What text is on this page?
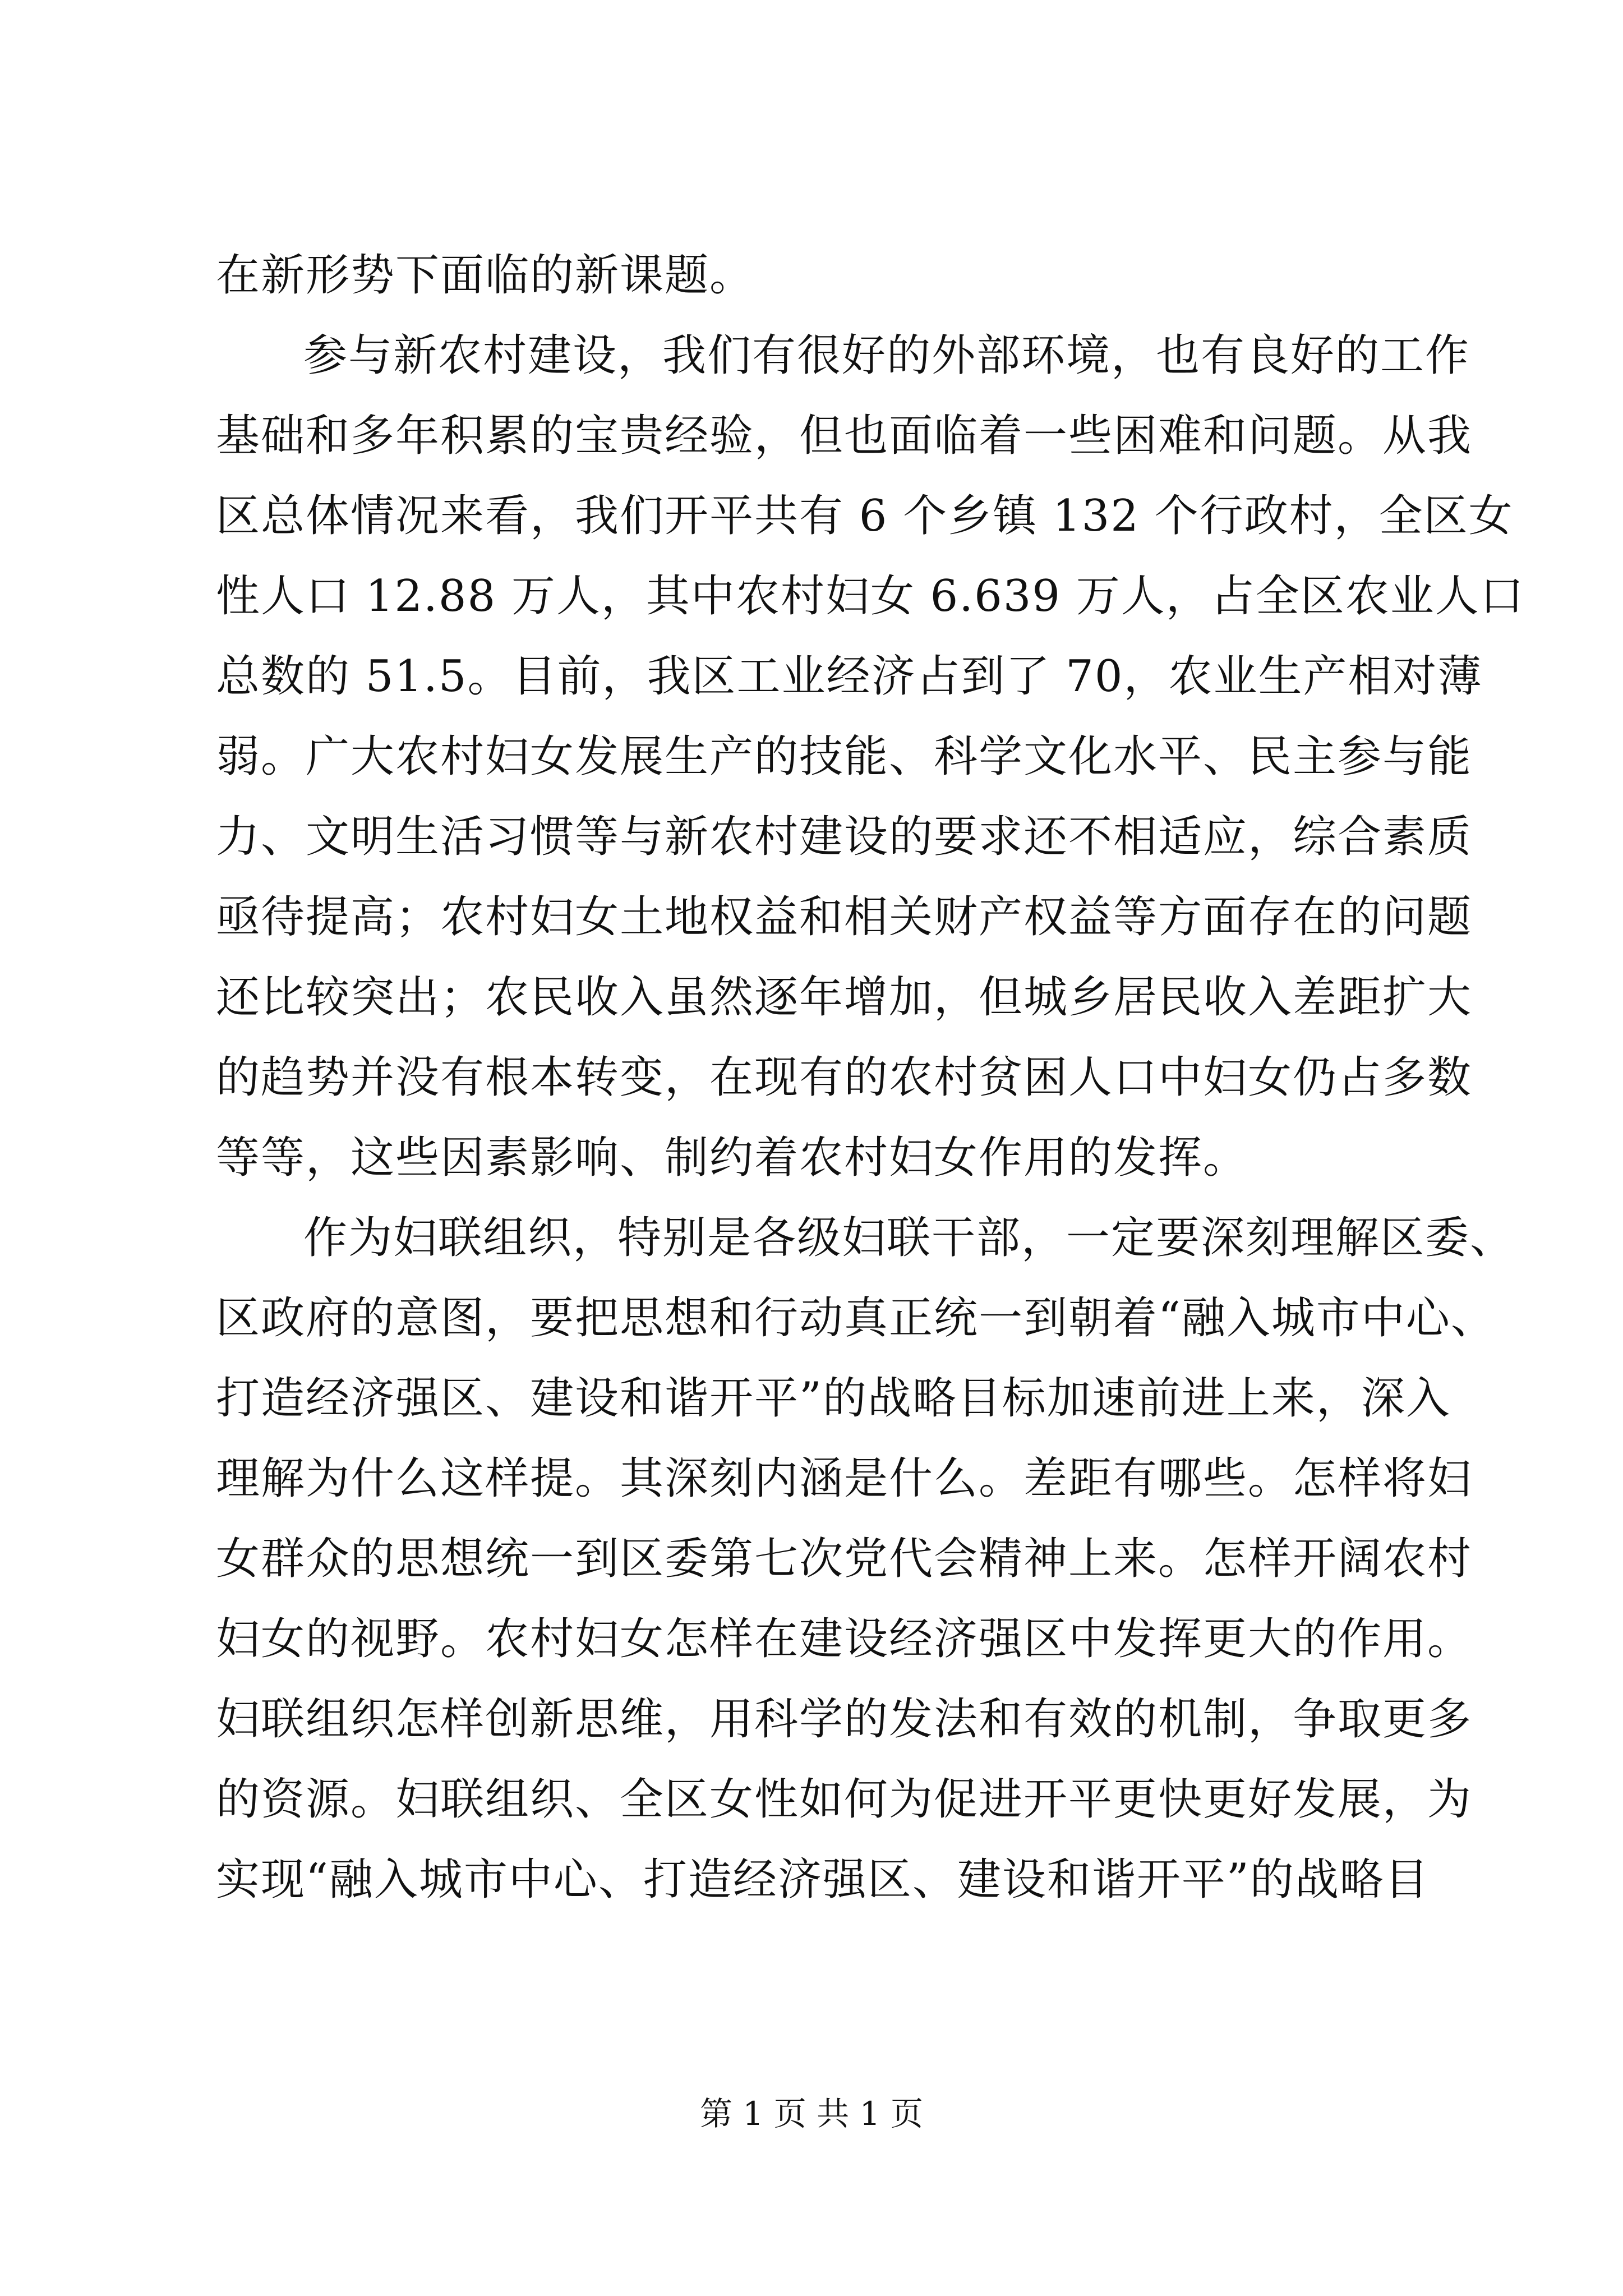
在新形势下面临的新课题。
参与新农村建设，我们有很好的外部环境，也有良好的工作
基础和多年积累的宝贵经验，但也面临着一些困难和问题。从我
区总体情况来看，我们开平共有 6 个乡镇 132 个行政村，全区女
性人口 12.88 万人，其中农村妇女 6.639 万人，占全区农业人口
总数的 51.5。目前，我区工业经济占到了 70，农业生产相对薄
弱。广大农村妇女发展生产的技能、科学文化水平、民主参与能
力、文明生活习惯等与新农村建设的要求还不相适应，综合素质
亟待提高；农村妇女土地权益和相关财产权益等方面存在的问题
还比较突出；农民收入虽然逐年增加，但城乡居民收入差距扩大
的趋势并没有根本转变，在现有的农村贫困人口中妇女仍占多数
等等，这些因素影响、制约着农村妇女作用的发挥。
作为妇联组织，特别是各级妇联干部，一定要深刻理解区委、
区政府的意图，要把思想和行动真正统一到朝着“融入城市中心、
打造经济强区、建设和谐开平”的战略目标加速前进上来，深入
理解为什么这样提。其深刻内涵是什么。差距有哪些。怎样将妇
女群众的思想统一到区委第七次党代会精神上来。怎样开阔农村
妇女的视野。农村妇女怎样在建设经济强区中发挥更大的作用。
妇联组织怎样创新思维，用科学的发法和有效的机制，争取更多
的资源。妇联组织、全区女性如何为促进开平更快更好发展，为
实现“融入城市中心、打造经济强区、建设和谐开平”的战略目
第 1 页 共 1 页
